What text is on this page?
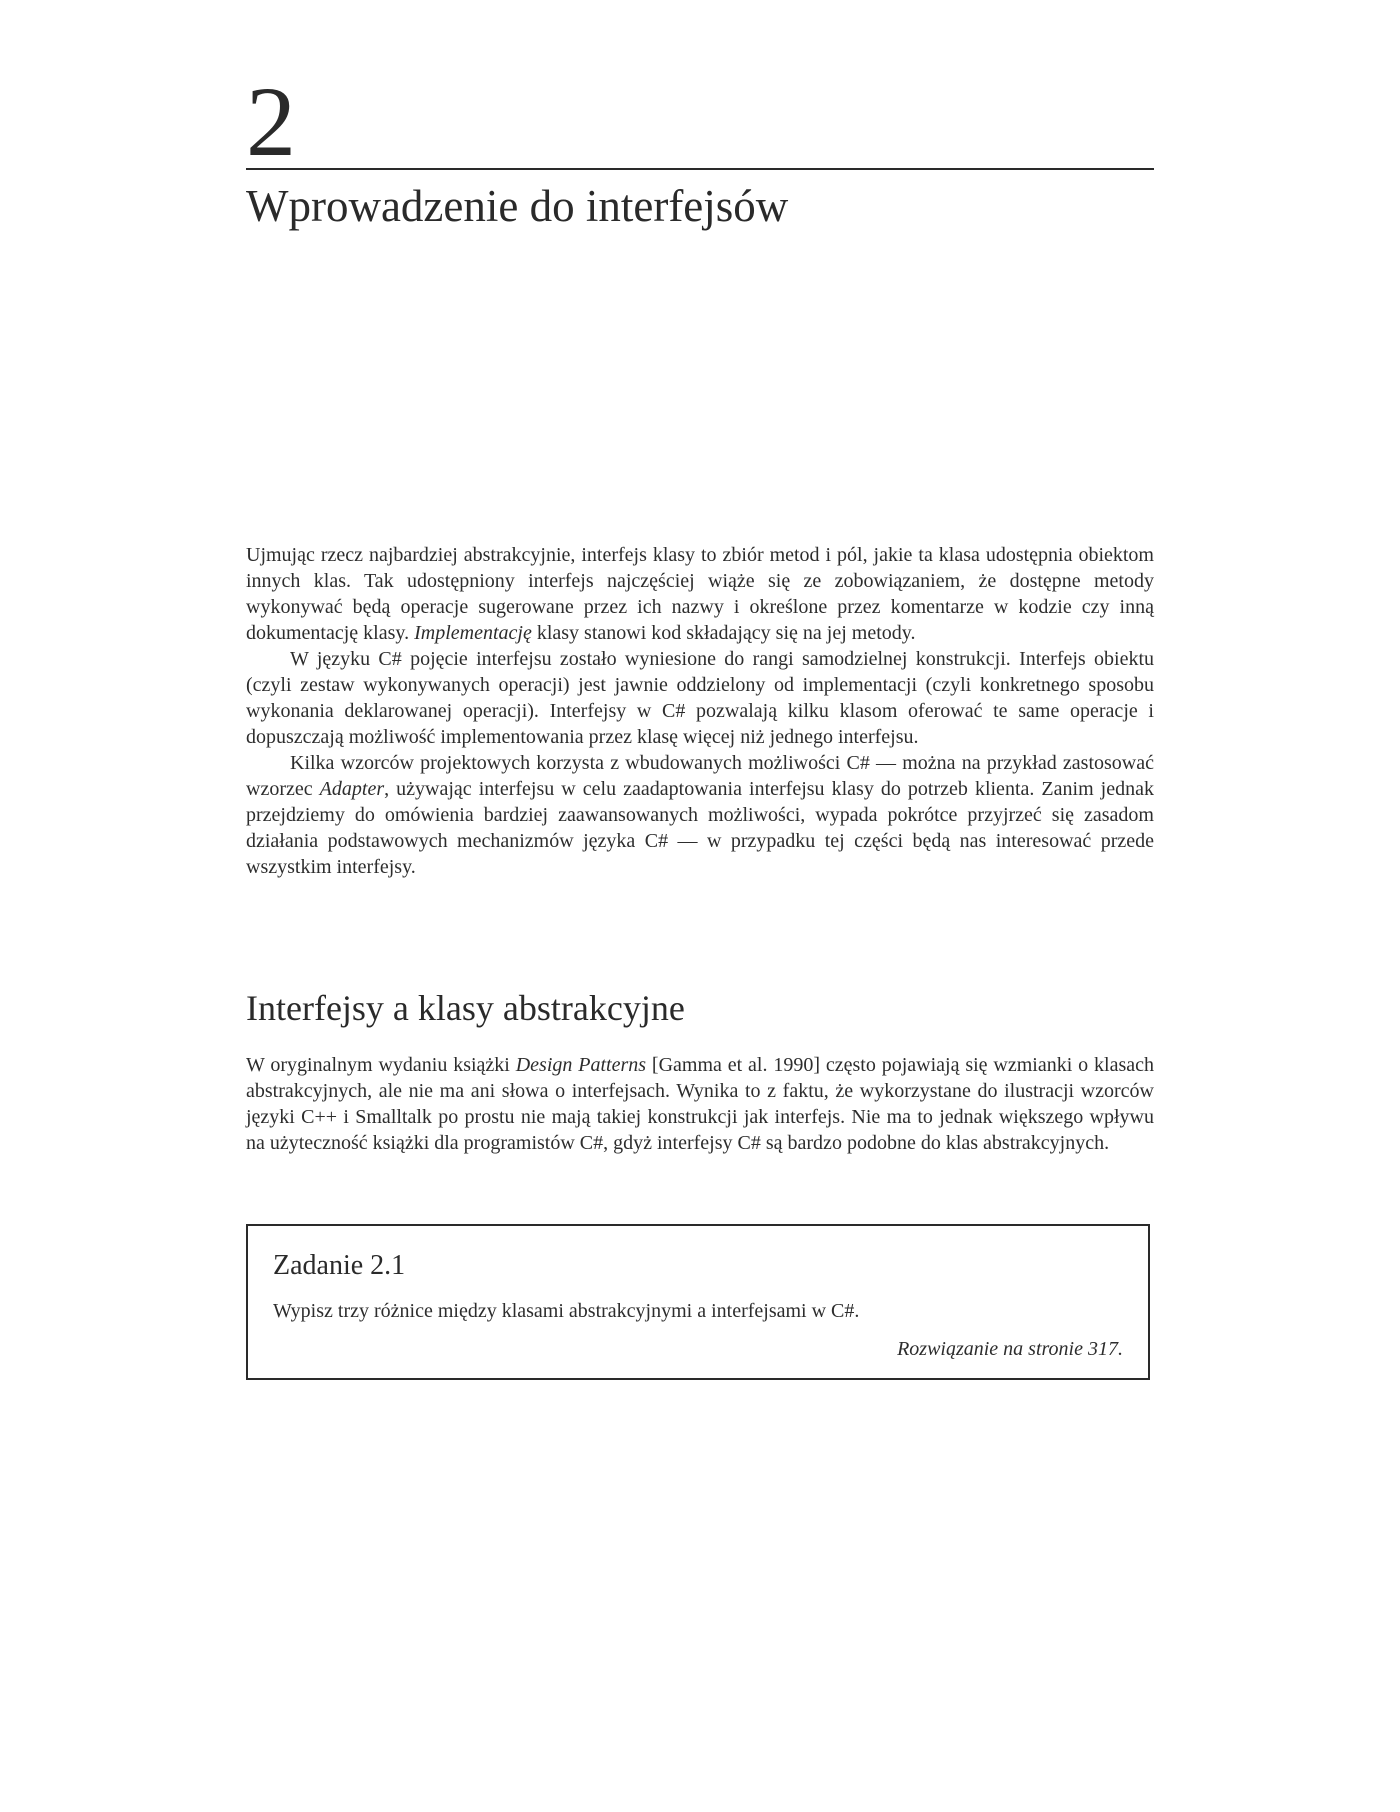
2
Wprowadzenie do interfejsów

Ujmując rzecz najbardziej abstrakcyjnie, interfejs klasy to zbiór metod i pól, jakie ta klasa udostępnia obiektom innych klas. Tak udostępniony interfejs najczęściej wiąże się ze zobowiązaniem, że dostępne metody wykonywać będą operacje sugerowane przez ich nazwy i określone przez komentarze w kodzie czy inną dokumentację klasy. Implementację klasy stanowi kod składający się na jej metody.

W języku C# pojęcie interfejsu zostało wyniesione do rangi samodzielnej konstrukcji. Interfejs obiektu (czyli zestaw wykonywanych operacji) jest jawnie oddzielony od implementacji (czyli konkretnego sposobu wykonania deklarowanej operacji). Interfejsy w C# pozwalają kilku klasom oferować te same operacje i dopuszczają możliwość implementowania przez klasę więcej niż jednego interfejsu.

Kilka wzorców projektowych korzysta z wbudowanych możliwości C# — można na przykład zastosować wzorzec Adapter, używając interfejsu w celu zaadaptowania interfejsu klasy do potrzeb klienta. Zanim jednak przejdziemy do omówienia bardziej zaawansowanych możliwości, wypada pokrótce przyjrzeć się zasadom działania podstawowych mechanizmów języka C# — w przypadku tej części będą nas interesować przede wszystkim interfejsy.

Interfejsy a klasy abstrakcyjne

W oryginalnym wydaniu książki Design Patterns [Gamma et al. 1990] często pojawiają się wzmianki o klasach abstrakcyjnych, ale nie ma ani słowa o interfejsach. Wynika to z faktu, że wykorzystane do ilustracji wzorców języki C++ i Smalltalk po prostu nie mają takiej konstrukcji jak interfejs. Nie ma to jednak większego wpływu na użyteczność książki dla programistów C#, gdyż interfejsy C# są bardzo podobne do klas abstrakcyjnych.

Zadanie 2.1

Wypisz trzy różnice między klasami abstrakcyjnymi a interfejsami w C#.

Rozwiązanie na stronie 317.
